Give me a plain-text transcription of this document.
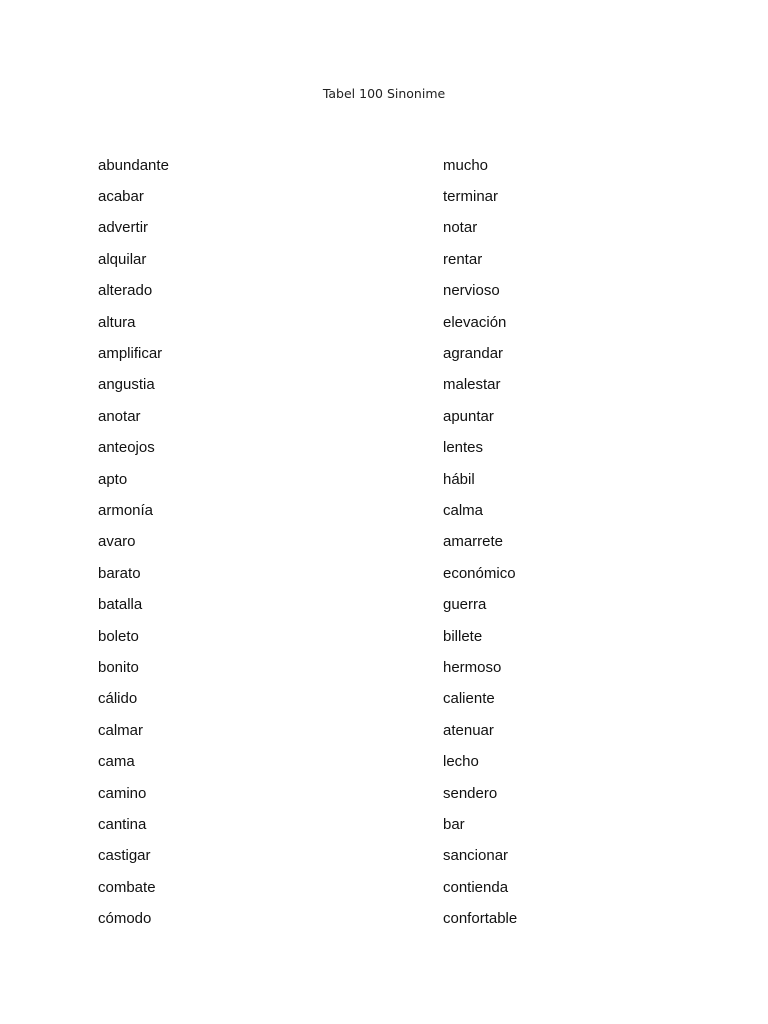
Tabel 100 Sinonime
abundante	mucho
acabar	terminar
advertir	notar
alquilar	rentar
alterado	nervioso
altura	elevación
amplificar	agrandar
angustia	malestar
anotar	apuntar
anteojos	lentes
apto	hábil
armonía	calma
avaro	amarrete
barato	económico
batalla	guerra
boleto	billete
bonito	hermoso
cálido	caliente
calmar	atenuar
cama	lecho
camino	sendero
cantina	bar
castigar	sancionar
combate	contienda
cómodo	confortable
